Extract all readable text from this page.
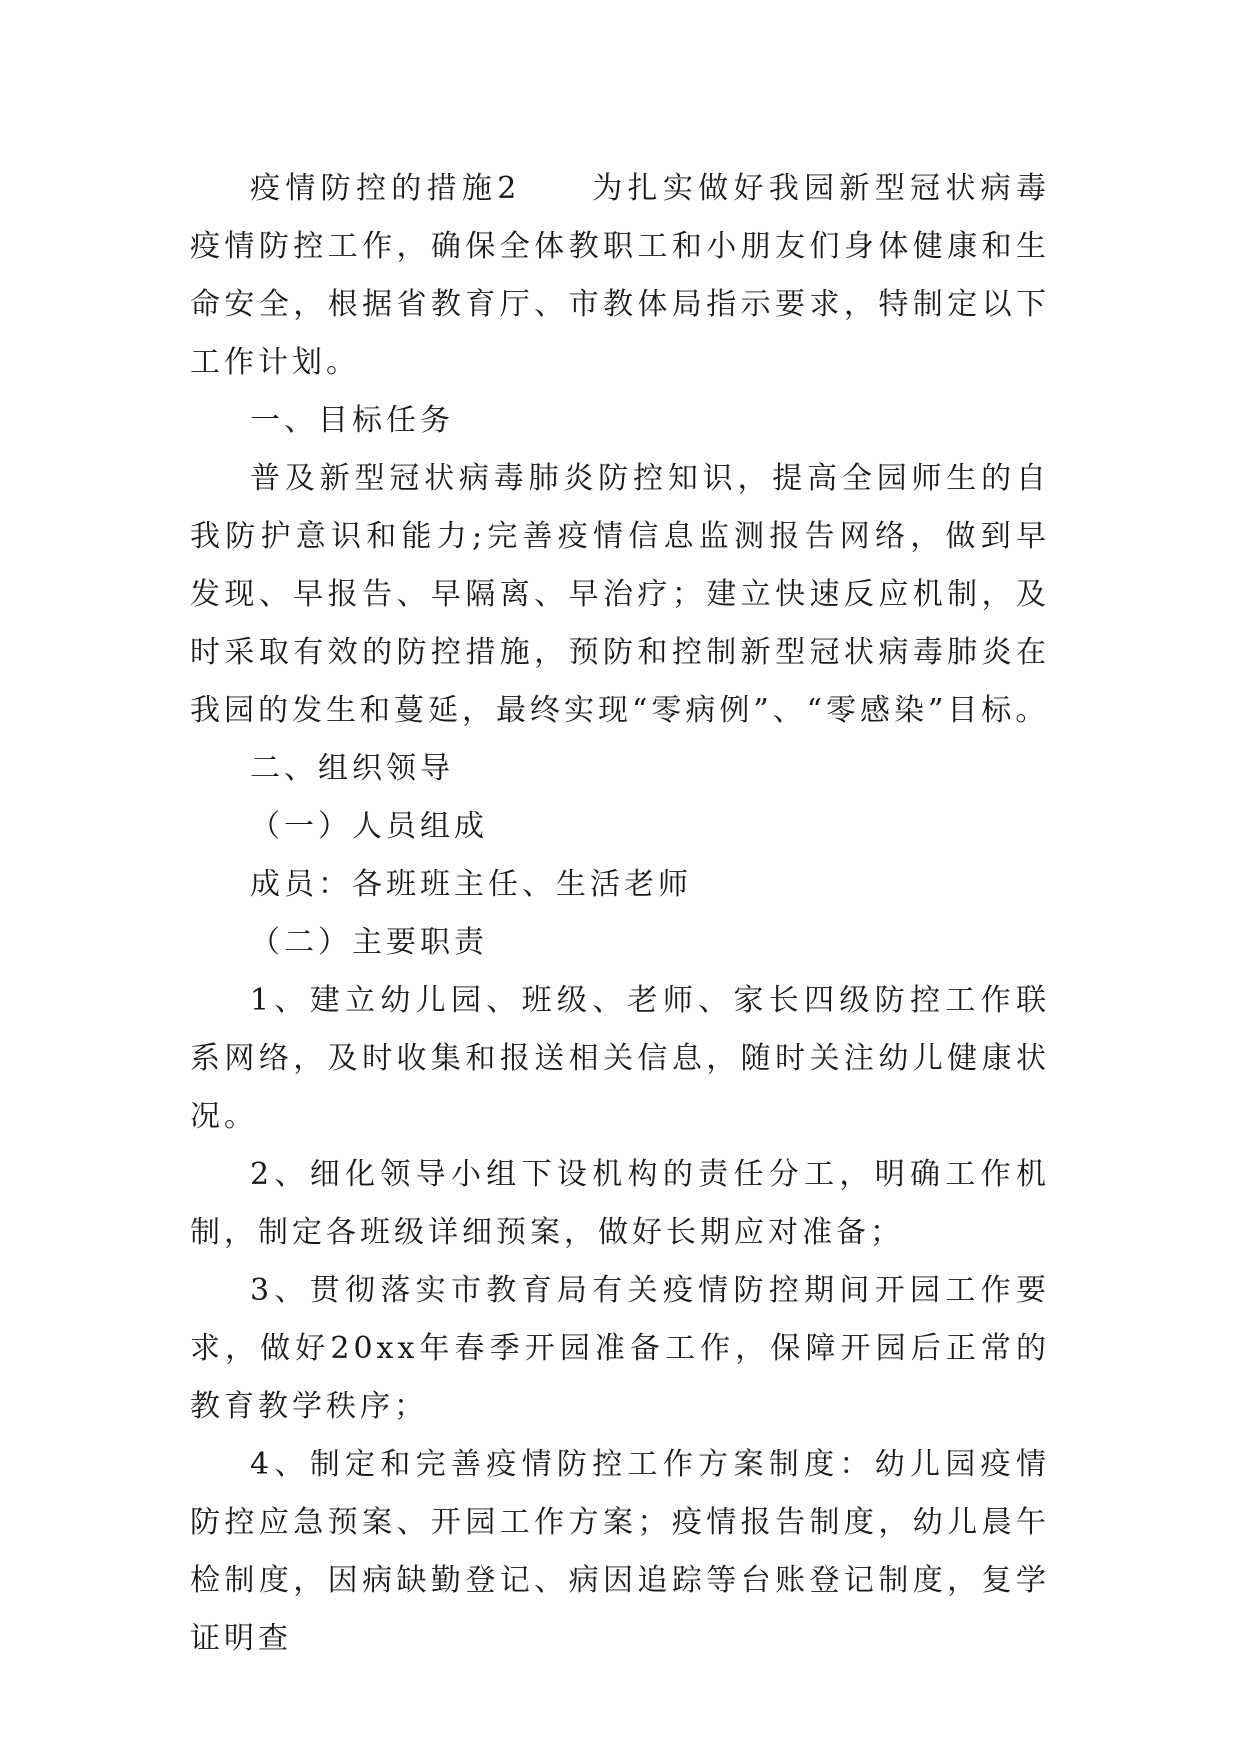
疫情防控的措施2　　为扎实做好我园新型冠状病毒疫情防控工作，确保全体教职工和小朋友们身体健康和生命安全，根据省教育厅、市教体局指示要求，特制定以下工作计划。

一、目标任务

普及新型冠状病毒肺炎防控知识，提高全园师生的自我防护意识和能力;完善疫情信息监测报告网络，做到早发现、早报告、早隔离、早治疗；建立快速反应机制，及时采取有效的防控措施，预防和控制新型冠状病毒肺炎在我园的发生和蔓延，最终实现“零病例”、“零感染”目标。

二、组织领导

（一）人员组成

成员：各班班主任、生活老师

（二）主要职责

1、建立幼儿园、班级、老师、家长四级防控工作联系网络，及时收集和报送相关信息，随时关注幼儿健康状况。

2、细化领导小组下设机构的责任分工，明确工作机制，制定各班级详细预案，做好长期应对准备；

3、贯彻落实市教育局有关疫情防控期间开园工作要求，做好20xx年春季开园准备工作，保障开园后正常的教育教学秩序；

4、制定和完善疫情防控工作方案制度：幼儿园疫情防控应急预案、开园工作方案；疫情报告制度，幼儿晨午检制度，因病缺勤登记、病因追踪等台账登记制度，复学证明查
